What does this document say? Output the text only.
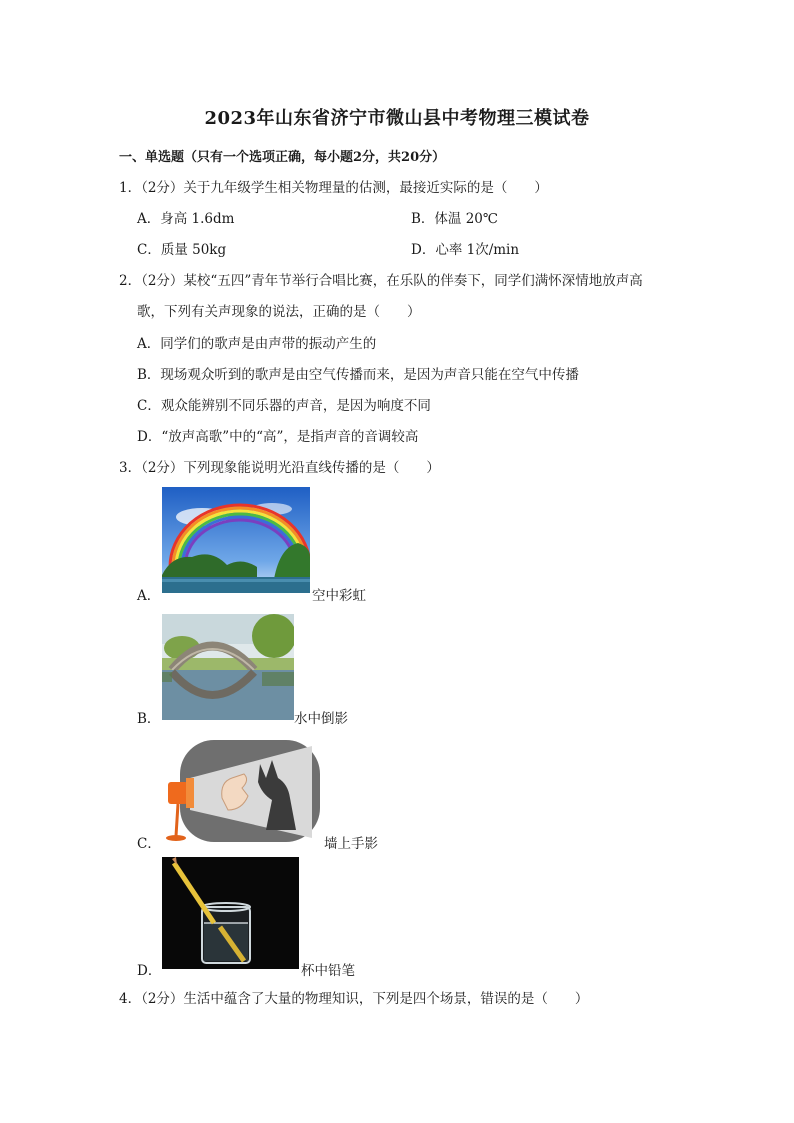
2023年山东省济宁市微山县中考物理三模试卷
一、单选题（只有一个选项正确，每小题2分，共20分）
1．（2分）关于九年级学生相关物理量的估测，最接近实际的是（　　）
A．身高 1.6dm	B．体温 20℃
C．质量 50kg	D．心率 1次/min
2．（2分）某校“五四”青年节举行合唱比赛，在乐队的伴奏下，同学们满怀深情地放声高
歌，下列有关声现象的说法，正确的是（　　）
A．同学们的歌声是由声带的振动产生的
B．现场观众听到的歌声是由空气传播而来，是因为声音只能在空气中传播
C．观众能辨别不同乐器的声音，是因为响度不同
D．“放声高歌”中的“高”，是指声音的音调较高
3．（2分）下列现象能说明光沿直线传播的是（　　）
A．	空中彩虹
B．	水中倒影
C．	墙上手影
D．	杯中铅笔
4．（2分）生活中蕴含了大量的物理知识，下列是四个场景，错误的是（　　）
